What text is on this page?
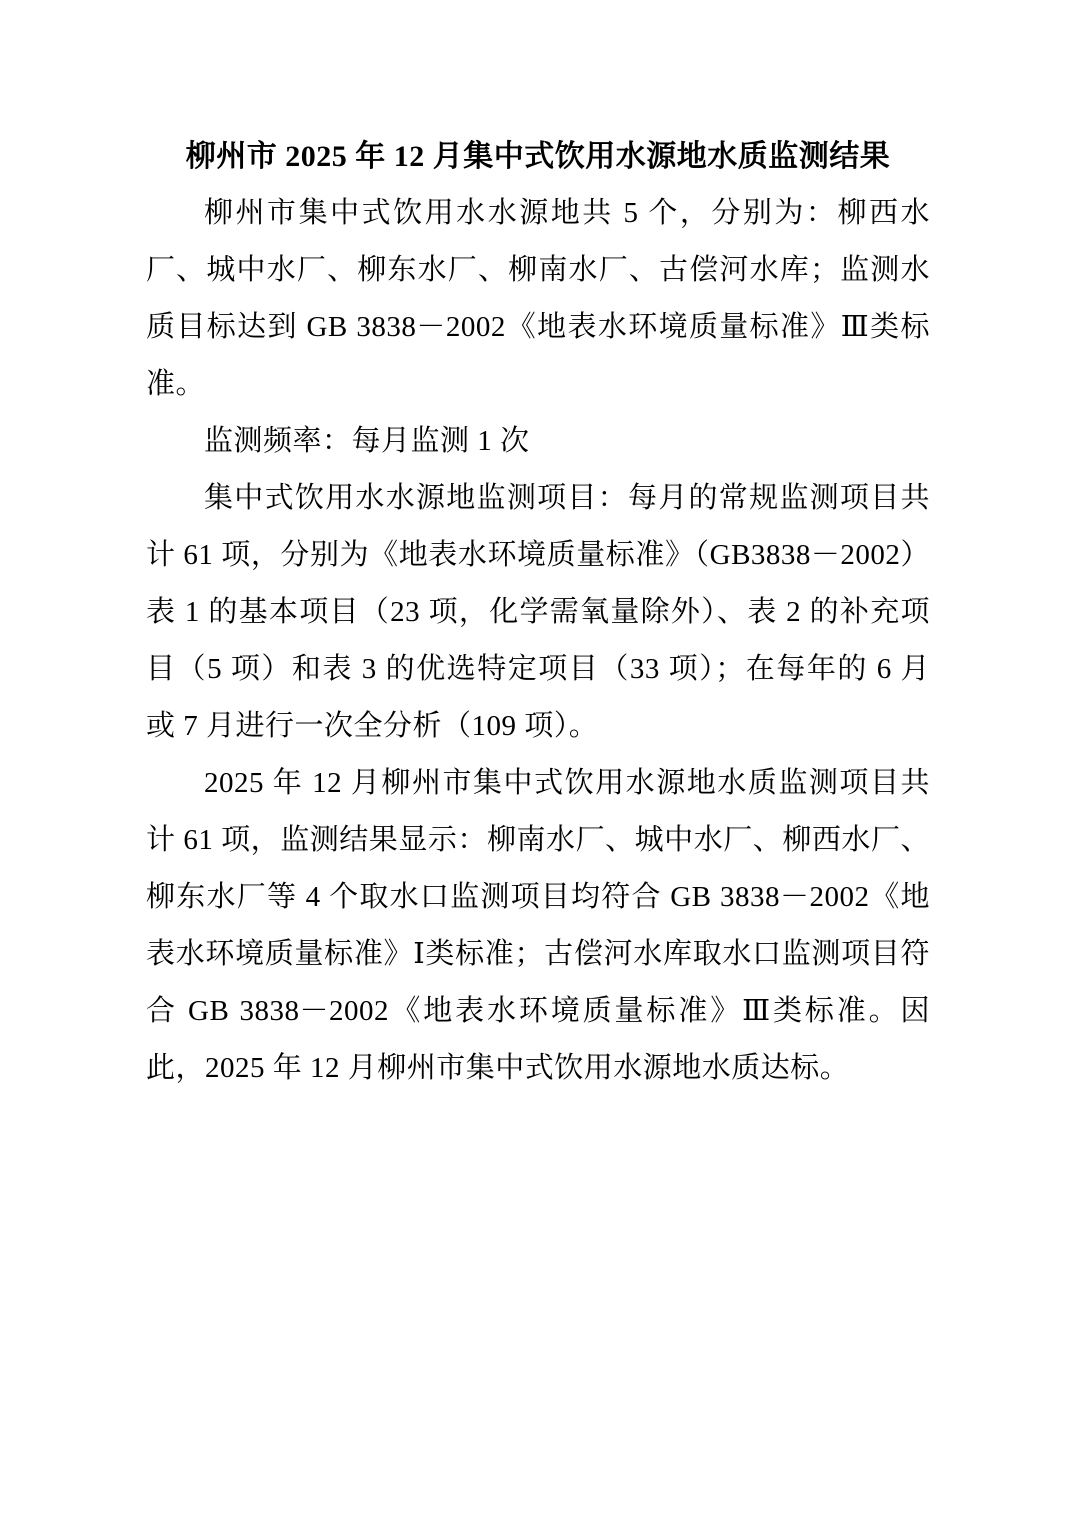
柳州市 2025 年 12 月集中式饮用水源地水质监测结果

柳州市集中式饮用水水源地共 5 个，分别为：柳西水厂、城中水厂、柳东水厂、柳南水厂、古偿河水库；监测水质目标达到 GB 3838－2002《地表水环境质量标准》Ⅲ类标准。

监测频率：每月监测 1 次

集中式饮用水水源地监测项目：每月的常规监测项目共计 61 项，分别为《地表水环境质量标准》（GB3838－2002）表 1 的基本项目（23 项，化学需氧量除外）、表 2 的补充项目（5 项）和表 3 的优选特定项目（33 项）；在每年的 6 月或 7 月进行一次全分析（109 项）。

2025 年 12 月柳州市集中式饮用水源地水质监测项目共计 61 项，监测结果显示：柳南水厂、城中水厂、柳西水厂、柳东水厂等 4 个取水口监测项目均符合 GB 3838－2002《地表水环境质量标准》Ⅰ类标准；古偿河水库取水口监测项目符合 GB 3838－2002《地表水环境质量标准》Ⅲ类标准。因此，2025 年 12 月柳州市集中式饮用水源地水质达标。
